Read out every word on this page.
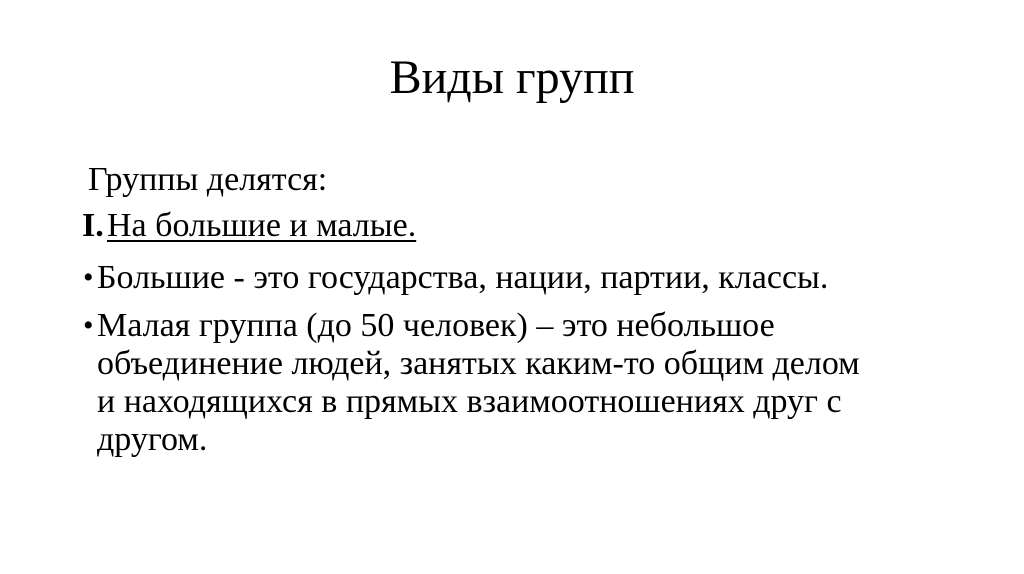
Виды групп
Группы делятся:
I. На большие и малые.
• Большие - это государства, нации, партии, классы.
• Малая группа (до 50 человек) – это небольшое
объединение людей, занятых каким-то общим делом
и находящихся в прямых взаимоотношениях друг с
другом.
